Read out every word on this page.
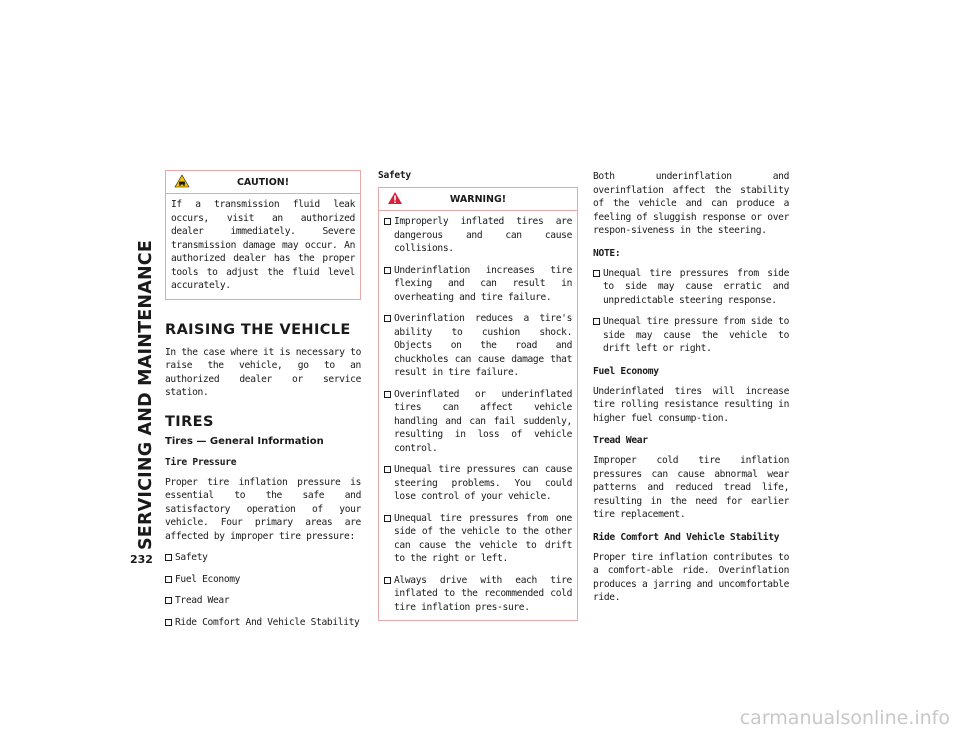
SERVICING AND MAINTENANCE
232
CAUTION!

If a transmission fluid leak occurs, visit an authorized dealer immediately. Severe transmission damage may occur. An authorized dealer has the proper tools to adjust the fluid level accurately.

RAISING THE VEHICLE

In the case where it is necessary to raise the vehicle, go to an authorized dealer or service station.

TIRES
Tires — General Information
Tire Pressure

Proper tire inflation pressure is essential to the safe and satisfactory operation of your vehicle. Four primary areas are affected by improper tire pressure:

Safety
Fuel Economy
Tread Wear
Ride Comfort And Vehicle Stability
Safety
WARNING!
Improperly inflated tires are dangerous and can cause collisions.
Underinflation increases tire flexing and can result in overheating and tire failure.
Overinflation reduces a tire's ability to cushion shock. Objects on the road and chuckholes can cause damage that result in tire failure.
Overinflated or underinflated tires can affect vehicle handling and can fail suddenly, resulting in loss of vehicle control.
Unequal tire pressures can cause steering problems. You could lose control of your vehicle.
Unequal tire pressures from one side of the vehicle to the other can cause the vehicle to drift to the right or left.
Always drive with each tire inflated to the recommended cold tire inflation pres-sure.

Both underinflation and overinflation affect the stability of the vehicle and can produce a feeling of sluggish response or over respon-siveness in the steering.

NOTE:
Unequal tire pressures from side to side may cause erratic and unpredictable steering response.
Unequal tire pressure from side to side may cause the vehicle to drift left or right.
Fuel Economy

Underinflated tires will increase tire rolling resistance resulting in higher fuel consump-tion.

Tread Wear

Improper cold tire inflation pressures can cause abnormal wear patterns and reduced tread life, resulting in the need for earlier tire replacement.

Ride Comfort And Vehicle Stability

Proper tire inflation contributes to a comfort-able ride. Overinflation produces a jarring and uncomfortable ride.

carmanualsonline.info
